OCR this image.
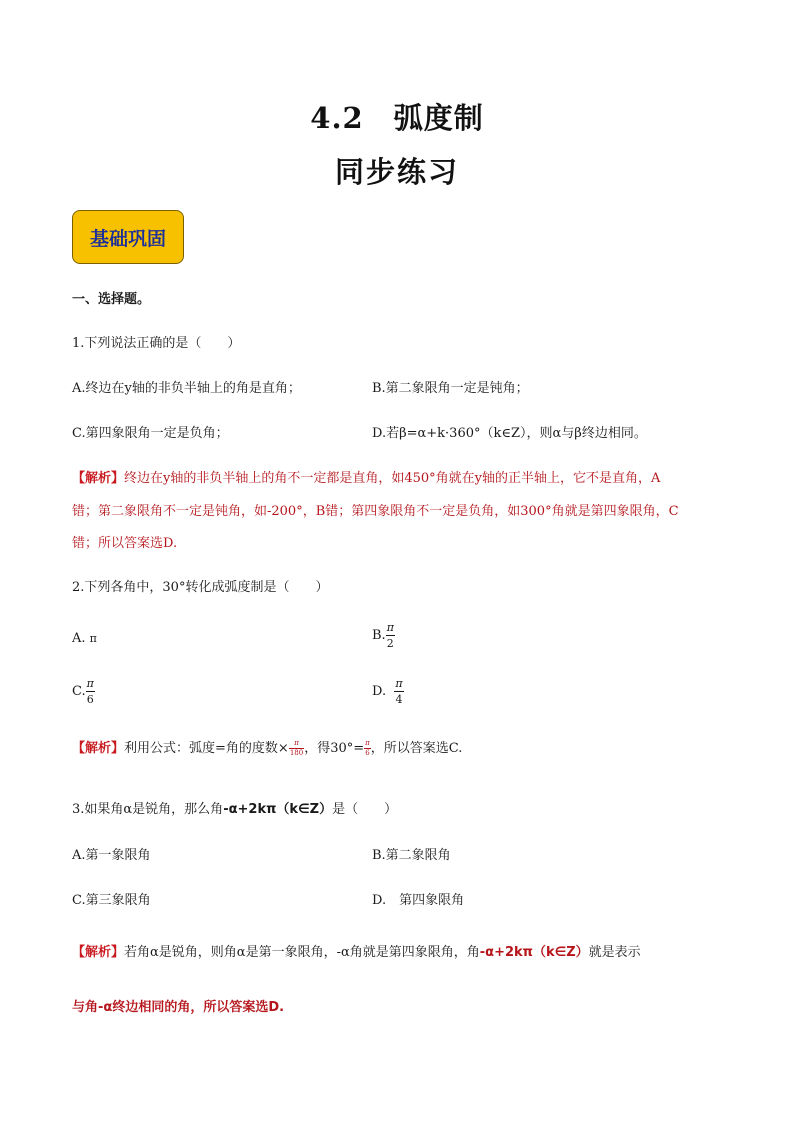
4.2　弧度制
同步练习
基础巩固
一、选择题。
1.下列说法正确的是（　　）
A.终边在y轴的非负半轴上的角是直角；	B.第二象限角一定是钝角；
C.第四象限角一定是负角；	D.若β=α+k·360°（k∈Z），则α与β终边相同。
【解析】终边在y轴的非负半轴上的角不一定都是直角，如450°角就在y轴的正半轴上，它不是直角，A
错；第二象限角不一定是钝角，如-200°，B错；第四象限角不一定是负角，如300°角就是第四象限角，C
错；所以答案选D.
2.下列各角中，30°转化成弧度制是（　　）
A. π	B. $\frac{\pi}{2}$
C. $\frac{\pi}{6}$	D. $\frac{\pi}{4}$
【解析】利用公式：弧度=角的度数× $\frac{\pi}{180}$ ，得$30^\circ= \frac{\pi}{6}$ ，所以答案选C.
3.如果角α是锐角，那么角-α+2kπ（k∈Z）是（　　）
A.第一象限角	B.第二象限角
C.第三象限角	D.　第四象限角
【解析】若角α是锐角，则角α是第一象限角，-α角就是第四象限角，角-α+2kπ（k∈Z）就是表示
与角-α终边相同的角，所以答案选D.
